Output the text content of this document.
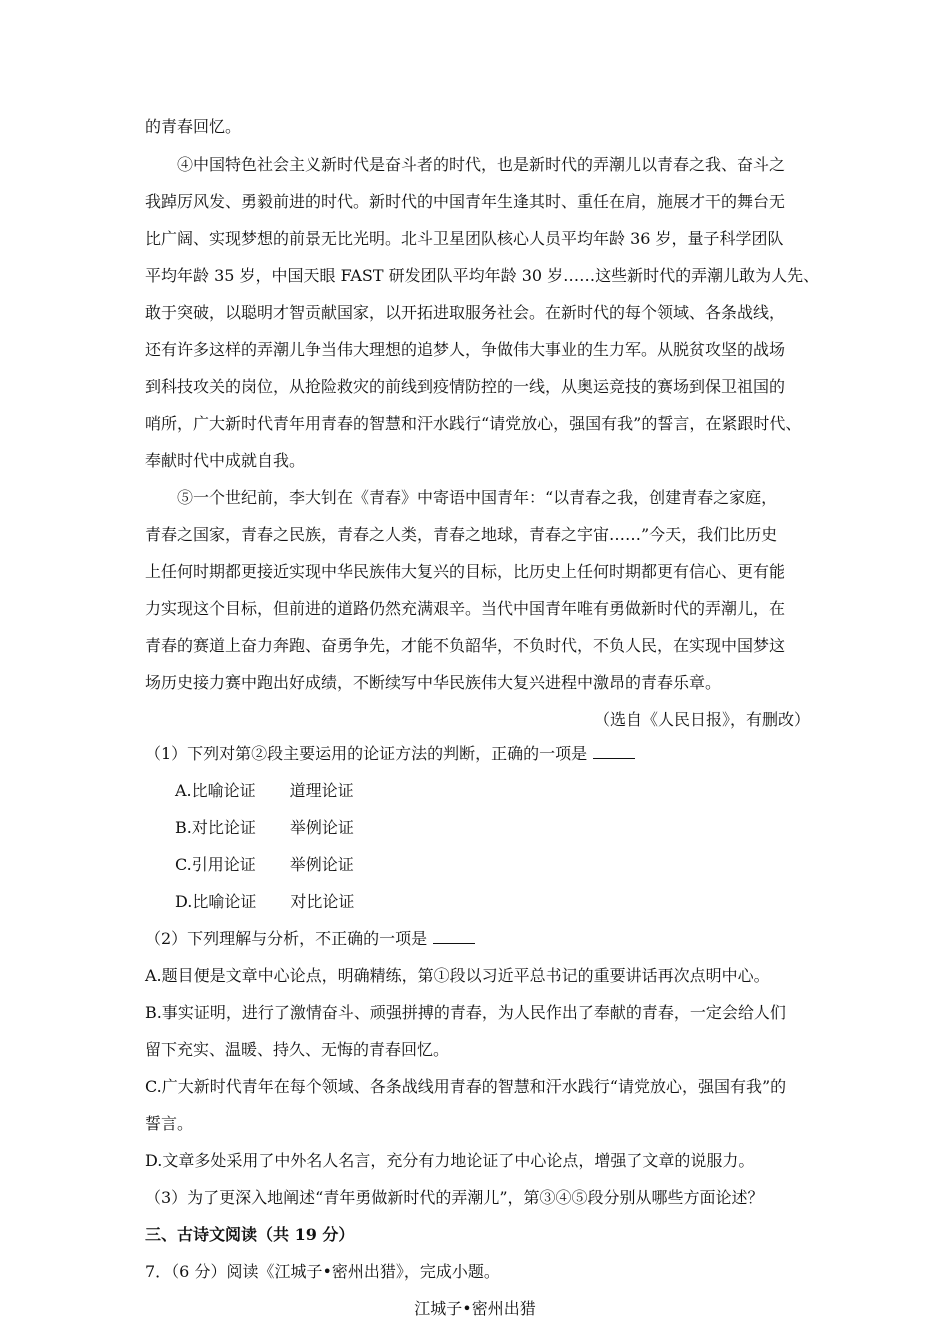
的青春回忆。
④中国特色社会主义新时代是奋斗者的时代，也是新时代的弄潮儿以青春之我、奋斗之
我踔厉风发、勇毅前进的时代。新时代的中国青年生逢其时、重任在肩，施展才干的舞台无
比广阔、实现梦想的前景无比光明。北斗卫星团队核心人员平均年龄 36 岁，量子科学团队
平均年龄 35 岁，中国天眼 FAST 研发团队平均年龄 30 岁……这些新时代的弄潮儿敢为人先、
敢于突破，以聪明才智贡献国家，以开拓进取服务社会。在新时代的每个领域、各条战线，
还有许多这样的弄潮儿争当伟大理想的追梦人，争做伟大事业的生力军。从脱贫攻坚的战场
到科技攻关的岗位，从抢险救灾的前线到疫情防控的一线，从奥运竞技的赛场到保卫祖国的
哨所，广大新时代青年用青春的智慧和汗水践行“请党放心，强国有我”的誓言，在紧跟时代、
奉献时代中成就自我。
⑤一个世纪前，李大钊在《青春》中寄语中国青年：“以青春之我，创建青春之家庭，
青春之国家，青春之民族，青春之人类，青春之地球，青春之宇宙……”今天，我们比历史
上任何时期都更接近实现中华民族伟大复兴的目标，比历史上任何时期都更有信心、更有能
力实现这个目标，但前进的道路仍然充满艰辛。当代中国青年唯有勇做新时代的弄潮儿，在
青春的赛道上奋力奔跑、奋勇争先，才能不负韶华，不负时代，不负人民，在实现中国梦这
场历史接力赛中跑出好成绩，不断续写中华民族伟大复兴进程中激昂的青春乐章。
（选自《人民日报》，有删改）
（1）下列对第②段主要运用的论证方法的判断，正确的一项是
A.比喻论证 道理论证
B.对比论证 举例论证
C.引用论证 举例论证
D.比喻论证 对比论证
（2）下列理解与分析，不正确的一项是
A.题目便是文章中心论点，明确精练，第①段以习近平总书记的重要讲话再次点明中心。
B.事实证明，进行了激情奋斗、顽强拼搏的青春，为人民作出了奉献的青春，一定会给人们
留下充实、温暖、持久、无悔的青春回忆。
C.广大新时代青年在每个领域、各条战线用青春的智慧和汗水践行“请党放心，强国有我”的
誓言。
D.文章多处采用了中外名人名言，充分有力地论证了中心论点，增强了文章的说服力。
（3）为了更深入地阐述“青年勇做新时代的弄潮儿”，第③④⑤段分别从哪些方面论述？
三、古诗文阅读（共 19 分）
7．（6 分）阅读《江城子•密州出猎》，完成小题。
江城子•密州出猎
